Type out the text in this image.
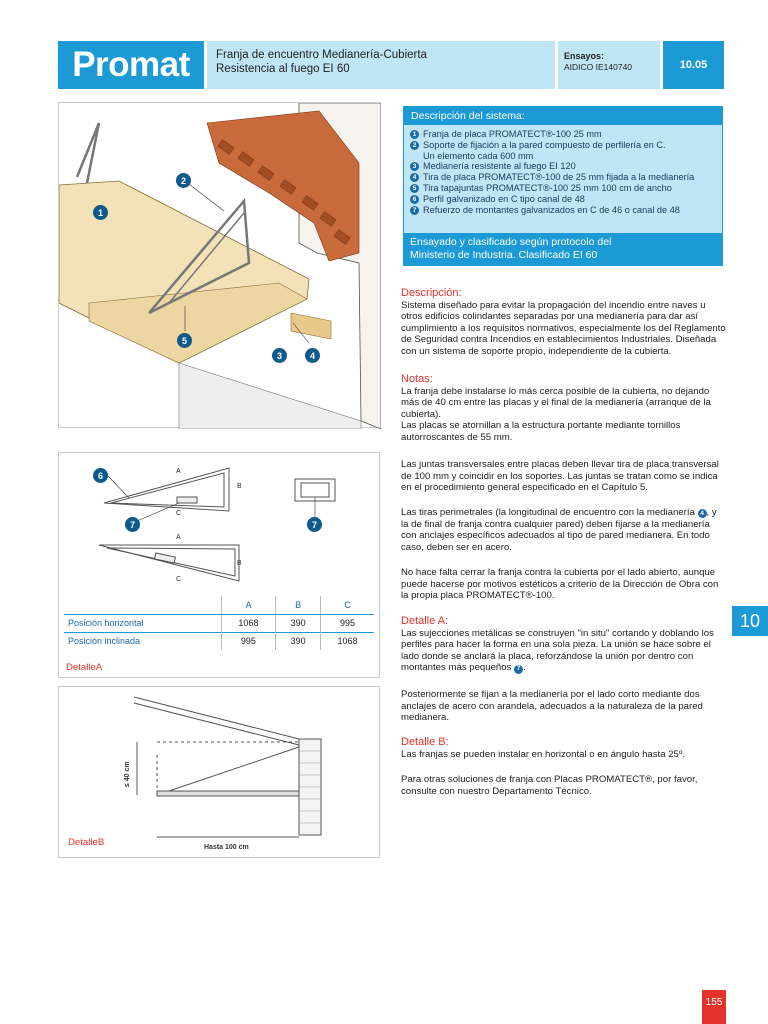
Promat	Franja de encuentro Medianería-Cubierta
Resistencia al fuego EI 60
Ensayos:
AIDICO IE140740	10.05
1
2
3	4
5
Descripción del sistema:
1 Franja de placa PROMATECT®-100 25 mm
2 Soporte de fijación a la pared compuesto de perfilería en C.
Un elemento cada 600 mm
3 Medianería resistente al fuego EI 120
4 Tira de placa PROMATECT®-100 de 25 mm fijada a la medianería
5 Tira tapajuntas PROMATECT®-100 25 mm 100 cm de ancho
6 Perfil galvanizado en C tipo canal de 48
7 Refuerzo de montantes galvanizados en C de 46 o canal de 48
Ensayado y clasificado según protocolo del
Ministerio de Industria. Clasificado EI 60
Descripción:

Sistema diseñado para evitar la propagación del incendio entre naves u otros edificios colindantes separadas por una medianería para dar así cumplimiento a los requisitos normativos, especialmente los del Reglamento de Seguridad contra Incendios en establecimientos Industriales. Diseñada con un sistema de soporte propio, independiente de la cubierta.

Notas:

La franja debe instalarse lo más cerca posible de la cubierta, no dejando más de 40 cm entre las placas y el final de la medianería (arranque de la cubierta).

Las placas se atornillan a la estructura portante mediante tornillos autorroscantes de 55 mm.

Las juntas transversales entre placas deben llevar tira de placa transversal de 100 mm y coincidir en los soportes. Las juntas se tratan como se indica en el procedimiento general especificado en el Capítulo 5.

Las tiras perimetrales (la longitudinal de encuentro con la medianería 4 , y la de final de franja contra cualquier pared) deben fijarse a la medianería con anclajes específicos adecuados al tipo de pared medianera. En todo caso, deben ser en acero.

No hace falta cerrar la franja contra la cubierta por el lado abierto, aunque puede hacerse por motivos estéticos a criterio de la Dirección de Obra con la propia placa PROMATECT®-100.

Detalle A:

Las sujecciones metálicas se construyen "in situ" cortando y doblando los perfiles para hacer la forma en una sola pieza. La unión se hace sobre el lado donde se anclará la placa, reforzándose la unión por dentro con montantes más pequeños 7 .

Posteriormente se fijan a la medianería por el lado corto mediante dos anclajes de acero con arandela, adecuados a la naturaleza de la pared medianera.

Detalle B:

Las franjas se pueden instalar en horizontal o en ángulo hasta 25º.

Para otras soluciones de franja con Placas PROMATECT®, por favor, consulte con nuestro Departamento Técnico.

A
B
C
A
B
C
6
7	7
	A	B	C
Posición horizontal	1068	390	995
Posición inclinada	995	390	1068
DetalleA
Hasta 100 cm
≤ 40 cm
DetalleB
10
155
